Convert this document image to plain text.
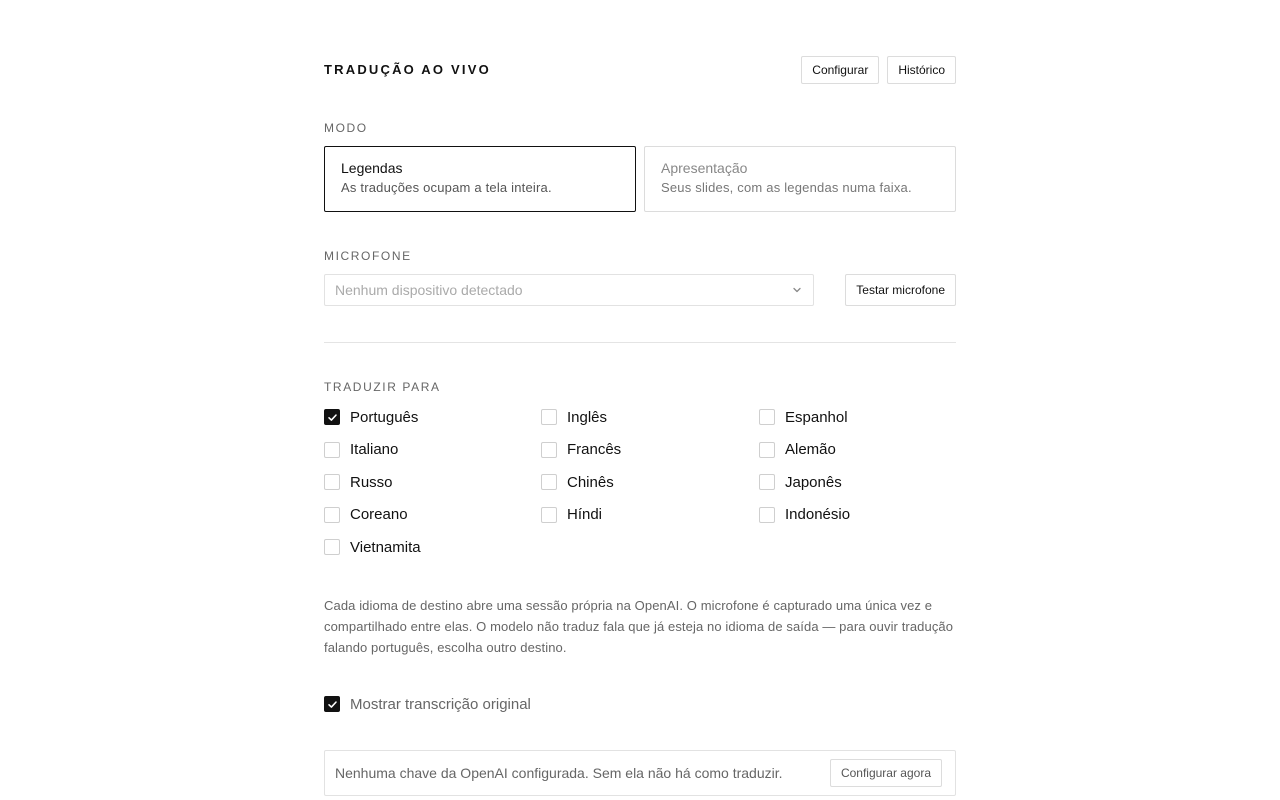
TRADUÇÃO AO VIVO	Configurar	Histórico
MODO
Legendas
As traduções ocupam a tela inteira.
Apresentação
Seus slides, com as legendas numa faixa.
MICROFONE
Nenhum dispositivo detectado	Testar microfone
TRADUZIR PARA
Português	Inglês	Espanhol
Italiano	Francês	Alemão
Russo	Chinês	Japonês
Coreano	Híndi	Indonésio
Vietnamita
Cada idioma de destino abre uma sessão própria na OpenAI. O microfone é capturado uma única vez e compartilhado entre elas. O modelo não traduz fala que já esteja no idioma de saída — para ouvir tradução falando português, escolha outro destino.
Mostrar transcrição original
Nenhuma chave da OpenAI configurada. Sem ela não há como traduzir.	Configurar agora
